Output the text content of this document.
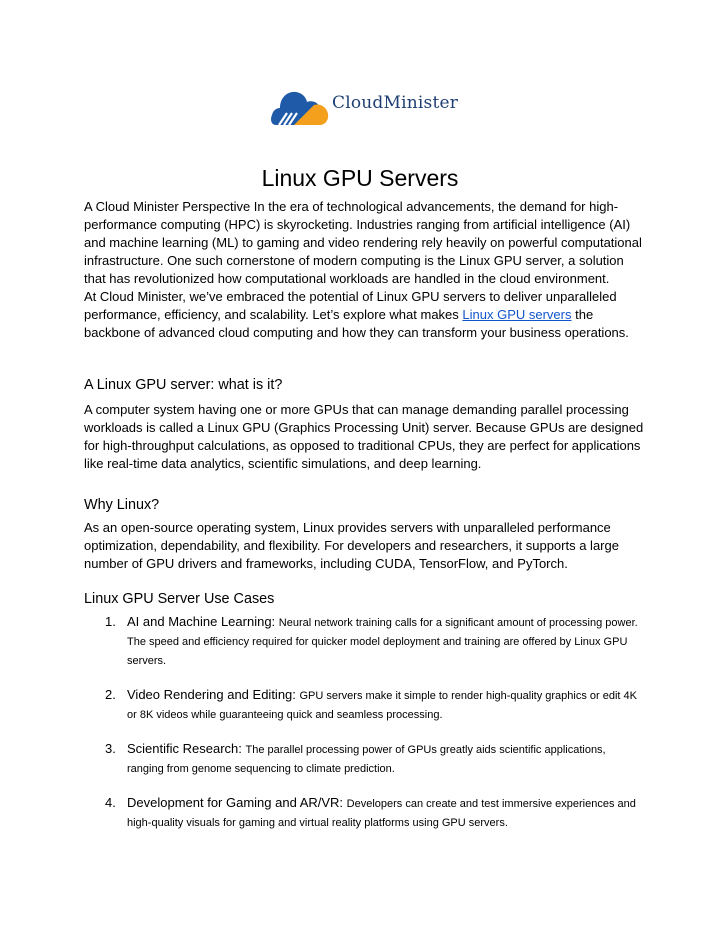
CloudMinister
Linux GPU Servers

A Cloud Minister Perspective In the era of technological advancements, the demand for high-performance computing (HPC) is skyrocketing. Industries ranging from artificial intelligence (AI) and machine learning (ML) to gaming and video rendering rely heavily on powerful computational infrastructure. One such cornerstone of modern computing is the Linux GPU server, a solution that has revolutionized how computational workloads are handled in the cloud environment.

At Cloud Minister, we’ve embraced the potential of Linux GPU servers to deliver unparalleled performance, efficiency, and scalability. Let’s explore what makes Linux GPU servers the backbone of advanced cloud computing and how they can transform your business operations.

A Linux GPU server: what is it?

A computer system having one or more GPUs that can manage demanding parallel processing workloads is called a Linux GPU (Graphics Processing Unit) server. Because GPUs are designed for high-throughput calculations, as opposed to traditional CPUs, they are perfect for applications like real-time data analytics, scientific simulations, and deep learning.

Why Linux?

As an open-source operating system, Linux provides servers with unparalleled performance optimization, dependability, and flexibility. For developers and researchers, it supports a large number of GPU drivers and frameworks, including CUDA, TensorFlow, and PyTorch.

Linux GPU Server Use Cases
1. AI and Machine Learning: Neural network training calls for a significant amount of processing power. The speed and efficiency required for quicker model deployment and training are offered by Linux GPU servers.
2. Video Rendering and Editing: GPU servers make it simple to render high-quality graphics or edit 4K or 8K videos while guaranteeing quick and seamless processing.
3. Scientific Research: The parallel processing power of GPUs greatly aids scientific applications, ranging from genome sequencing to climate prediction.
4. Development for Gaming and AR/VR: Developers can create and test immersive experiences and high-quality visuals for gaming and virtual reality platforms using GPU servers.
